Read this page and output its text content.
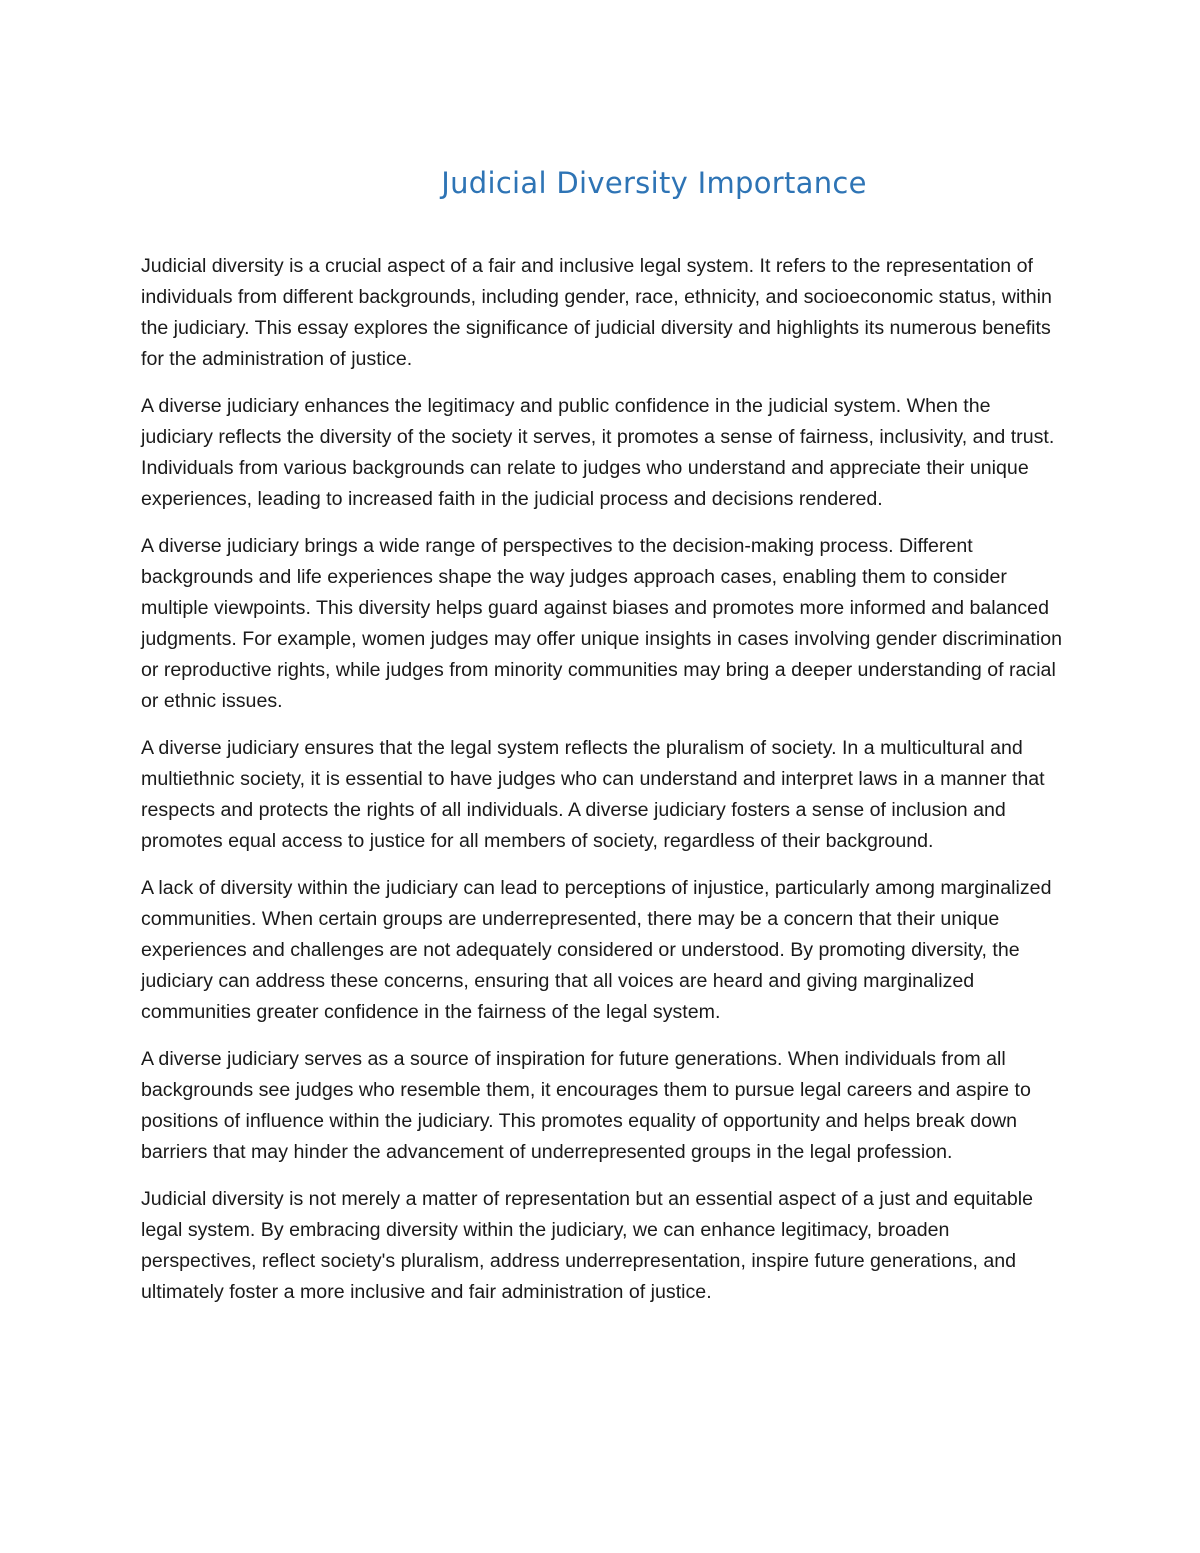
Judicial Diversity Importance

Judicial diversity is a crucial aspect of a fair and inclusive legal system. It refers to the representation of individuals from different backgrounds, including gender, race, ethnicity, and socioeconomic status, within the judiciary. This essay explores the significance of judicial diversity and highlights its numerous benefits for the administration of justice.

A diverse judiciary enhances the legitimacy and public confidence in the judicial system. When the judiciary reflects the diversity of the society it serves, it promotes a sense of fairness, inclusivity, and trust. Individuals from various backgrounds can relate to judges who understand and appreciate their unique experiences, leading to increased faith in the judicial process and decisions rendered.

A diverse judiciary brings a wide range of perspectives to the decision-making process. Different backgrounds and life experiences shape the way judges approach cases, enabling them to consider multiple viewpoints. This diversity helps guard against biases and promotes more informed and balanced judgments. For example, women judges may offer unique insights in cases involving gender discrimination or reproductive rights, while judges from minority communities may bring a deeper understanding of racial or ethnic issues.

A diverse judiciary ensures that the legal system reflects the pluralism of society. In a multicultural and multiethnic society, it is essential to have judges who can understand and interpret laws in a manner that respects and protects the rights of all individuals. A diverse judiciary fosters a sense of inclusion and promotes equal access to justice for all members of society, regardless of their background.

A lack of diversity within the judiciary can lead to perceptions of injustice, particularly among marginalized communities. When certain groups are underrepresented, there may be a concern that their unique experiences and challenges are not adequately considered or understood. By promoting diversity, the judiciary can address these concerns, ensuring that all voices are heard and giving marginalized communities greater confidence in the fairness of the legal system.

A diverse judiciary serves as a source of inspiration for future generations. When individuals from all backgrounds see judges who resemble them, it encourages them to pursue legal careers and aspire to positions of influence within the judiciary. This promotes equality of opportunity and helps break down barriers that may hinder the advancement of underrepresented groups in the legal profession.

Judicial diversity is not merely a matter of representation but an essential aspect of a just and equitable legal system. By embracing diversity within the judiciary, we can enhance legitimacy, broaden perspectives, reflect society's pluralism, address underrepresentation, inspire future generations, and ultimately foster a more inclusive and fair administration of justice.
